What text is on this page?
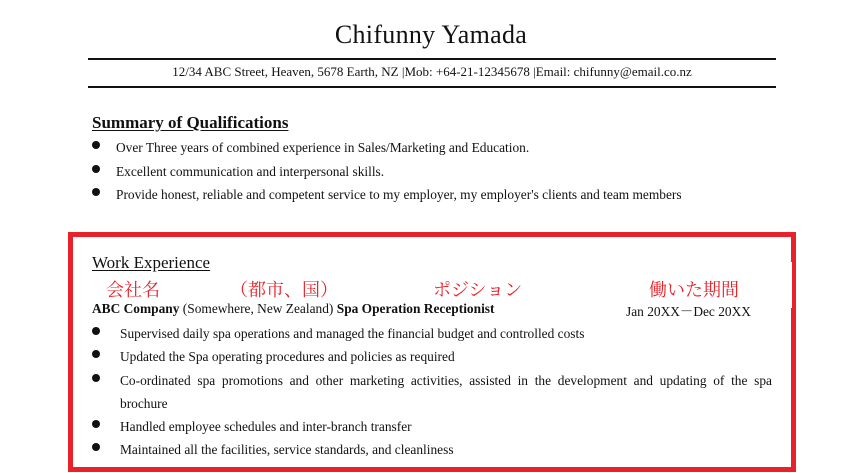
Chifunny Yamada
12/34 ABC Street, Heaven, 5678 Earth, NZ |Mob: +64-21-12345678 |Email: chifunny@email.co.nz
Summary of Qualifications
Over Three years of combined experience in Sales/Marketing and Education.
Excellent communication and interpersonal skills.
Provide honest, reliable and competent service to my employer, my employer's clients and team members
Work Experience
会社名	（都市、国）	ポジション	働いた期間
ABC Company (Somewhere, New Zealand) Spa Operation Receptionist	Jan 20XX－Dec 20XX
Supervised daily spa operations and managed the financial budget and controlled costs
Updated the Spa operating procedures and policies as required
Co-ordinated spa promotions and other marketing activities, assisted in the development and updating of the spa brochure
Handled employee schedules and inter-branch transfer
Maintained all the facilities, service standards, and cleanliness
